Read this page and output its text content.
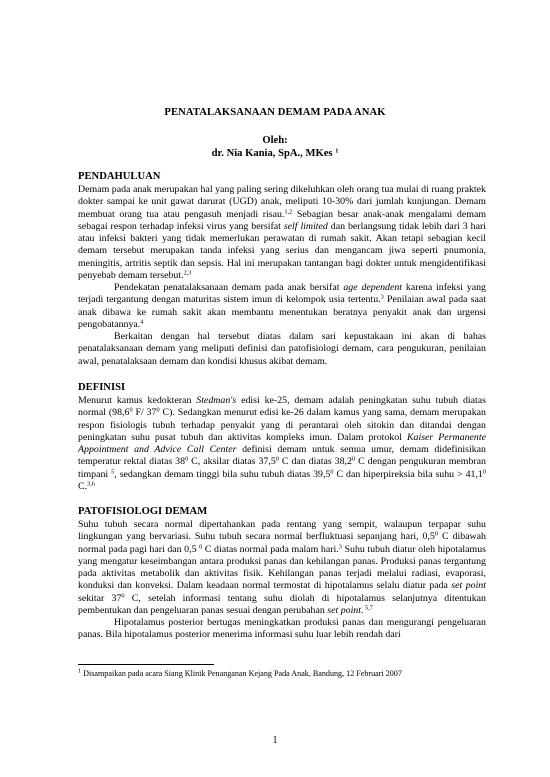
PENATALAKSANAAN DEMAM PADA ANAK
Oleh:
dr. Nia Kania, SpA., MKes $^1$
PENDAHULUAN

Demam pada anak merupakan hal yang paling sering dikeluhkan oleh orang tua mulai di ruang praktek dokter sampai ke unit gawat darurat (UGD) anak, meliputi 10-30% dari jumlah kunjungan. Demam membuat orang tua atau pengasuh menjadi risau.$^{1,2}$ Sebagian besar anak-anak mengalami demam sebagai respon terhadap infeksi virus yang bersifat self limited dan berlangsung tidak lebih dari 3 hari atau infeksi bakteri yang tidak memerlukan perawatan di rumah sakit. Akan tetapi sebagian kecil demam tersebut merupakan tanda infeksi yang serius dan mengancam jiwa seperti pnumonia, meningitis, artritis septik dan sepsis. Hal ini merupakan tantangan bagi dokter untuk mengidentifikasi penyebab demam tersebut.$^{2,3}$

Pendekatan penatalaksanaan demam pada anak bersifat age dependent karena infeksi yang terjadi tergantung dengan maturitas sistem imun di kelompok usia tertentu.$^3$ Penilaian awal pada saat anak dibawa ke rumah sakit akan membantu menentukan beratnya penyakit anak dan urgensi pengobatannya.$^4$

Berkaitan dengan hal tersebut diatas dalam sari kepustakaan ini akan di bahas penatalaksanaan demam yang meliputi definisi dan patofisiologi demam, cara pengukuran, penilaian awal, penatalaksaan demam dan kondisi khusus akibat demam.

DEFINISI

Menurut kamus kedokteran Stedman's edisi ke-25, demam adalah peningkatan suhu tubuh diatas normal (98,6$^0$ F/ $37^0$ C). Sedangkan menurut edisi ke-26 dalam kamus yang sama, demam merupakan respon fisiologis tubuh terhadap penyakit yang di perantarai oleh sitokin dan ditandai dengan peningkatan suhu pusat tubuh dan aktivitas kompleks imun. Dalam protokol Kaiser Permanente Appointment and Advice Call Center definisi demam untuk semua umur, demam didefinisikan temperatur rektal diatas $38^0$ C, aksilar diatas 37,5$^0$ C dan diatas 38,2$^0$ C dengan pengukuran membran timpani $^5$, sedangkan demam tinggi bila suhu tubuh diatas 39,5$^0$ C dan hiperpireksia bila suhu > $41,1^0$ C.$^{3,6}$

PATOFISIOLOGI DEMAM

Suhu tubuh secara normal dipertahankan pada rentang yang sempit, walaupun terpapar suhu lingkungan yang bervariasi. Suhu tubuh secara normal berfluktuasi sepanjang hari, $0,5^0$ C dibawah normal pada pagi hari dan 0,5 $^0$ C diatas normal pada malam hari.$^3$ Suhu tubuh diatur oleh hipotalamus yang mengatur keseimbangan antara produksi panas dan kehilangan panas. Produksi panas tergantung pada aktivitas metabolik dan aktivitas fisik. Kehilangan panas terjadi melalui radiasi, evaporasi, konduksi dan konveksi. Dalam keadaan normal termostat di hipotalamus selalu diatur pada set point sekitar $37^0$ C, setelah informasi tentang suhu diolah di hipotalamus selanjutnya ditentukan pembentukan dan pengeluaran panas sesuai dengan perubahan set point. $^{5,7}$

Hipotalamus posterior bertugas meningkatkan produksi panas dan mengurangi pengeluaran panas. Bila hipotalamus posterior menerima informasi suhu luar lebih rendah dari

$^1$ Disampaikan pada acara Siang Klinik Penanganan Kejang Pada Anak, Bandung, 12 Februari 2007
1
